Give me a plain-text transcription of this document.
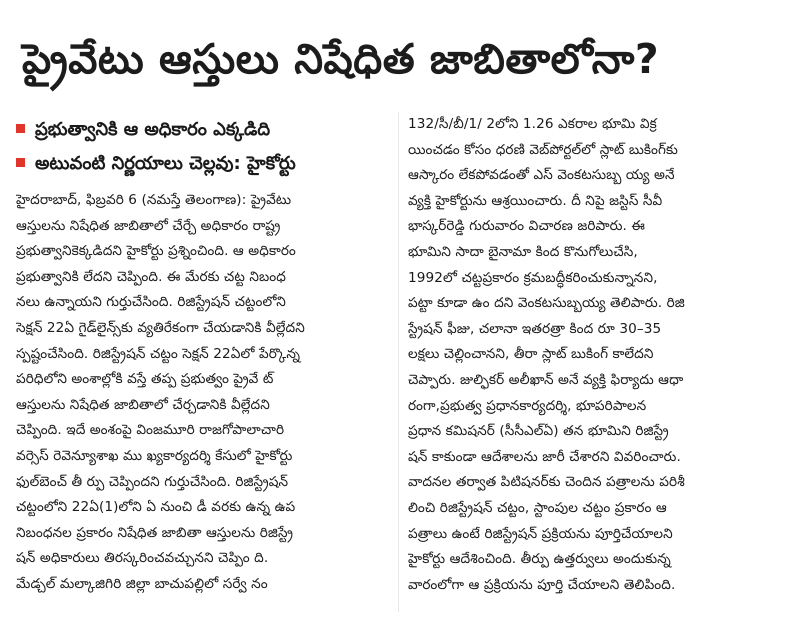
ప్రైవేటు ఆస్తులు నిషేధిత జాబితాలోనా?
ప్రభుత్వానికి ఆ అధికారం ఎక్కడిది
అటువంటి నిర్ణయాలు చెల్లవు: హైకోర్టు
హైదరాబాద్, ఫిబ్రవరి 6 (నమస్తే తెలంగాణ): ప్రైవేటు
ఆస్తులను నిషేధిత జాబితాలో చేర్చే అధికారం రాష్ట్ర
ప్రభుత్వానికెక్కడిదని హైకోర్టు ప్రశ్నించింది. ఆ అధికారం
ప్రభుత్వానికి లేదని చెప్పింది. ఈ మేరకు చట్ట నిబంధ
నలు ఉన్నాయని గుర్తుచేసింది. రిజిస్ట్రేషన్ చట్టంలోని
సెక్షన్ 22ఏ గైడ్‌లైన్స్‌కు వ్యతిరేకంగా చేయడానికి వీల్లేదని
స్పష్టంచేసింది. రిజిస్ట్రేషన్ చట్టం సెక్షన్ 22ఏలో పేర్కొన్న
పరిధిలోని అంశాల్లోకి వస్తే తప్ప ప్రభుత్వం ప్రైవే ట్
ఆస్తులను నిషేధిత జాబితాలో చేర్చడానికి వీల్లేదని
చెప్పింది. ఇదే అంశంపై వింజమూరి రాజగోపాలాచారి
వర్సెస్ రెవెన్యూశాఖ ము ఖ్యకార్యదర్శి కేసులో హైకోర్టు
ఫుల్‌బెంచ్ తీ ర్పు చెప్పిందని గుర్తుచేసింది. రిజిస్ట్రేషన్
చట్టంలోని 22ఏ(1)లోని ఏ నుంచి డీ వరకు ఉన్న ఉప
నిబంధనల ప్రకారం నిషేధిత జాబితా ఆస్తులను రిజిస్ట్రే
షన్ అధికారులు తిరస్కరించవచ్చునని చెప్పిం ది.
మేడ్చల్ మల్కాజిగిరి జిల్లా బాచుపల్లిలో సర్వే నం
132/సీ/బీ/1/ 2లోని 1.26 ఎకరాల భూమి విక్ర
యించడం కోసం ధరణి వెబ్‌పోర్టల్‌లో స్లాట్ బుకింగ్‌కు
ఆస్కారం లేకపోవడంతో ఎస్ వెంకటసుబ్బ య్య అనే
వ్యక్తి హైకోర్టును ఆశ్రయించారు. దీ నిపై జస్టిస్ సీవీ
భాస్కర్‌రెడ్డి గురువారం విచారణ జరిపారు. ఈ
భూమిని సాదా బైనామా కింద కొనుగోలుచేసి,
1992లో చట్టప్రకారం క్రమబద్ధీకరించుకున్నానని,
పట్టా కూడా ఉం దని వెంకటసుబ్బయ్య తెలిపారు. రిజి
స్ట్రేషన్ ఫీజు, చలానా ఇతరత్రా కింద రూ 30–35
లక్షలు చెల్లించానని, తీరా స్లాట్ బుకింగ్ కాలేదని
చెప్పారు. జుల్ఫికర్ అలీఖాన్ అనే వ్యక్తి ఫిర్యాదు ఆధా
రంగా,ప్రభుత్వ ప్రధానకార్యదర్శి, భూపరిపాలన
ప్రధాన కమిషనర్ (సీసీఎల్ఏ) తన భూమిని రిజిస్ట్రే
షన్ కాకుండా ఆదేశాలను జారీ చేశారని వివరించారు.
వాదనల తర్వాత పిటిషనర్‌కు చెందిన పత్రాలను పరిశీ
లించి రిజిస్ట్రేషన్ చట్టం, స్టాంపుల చట్టం ప్రకారం ఆ
పత్రాలు ఉంటే రిజిస్ట్రేషన్ ప్రక్రియను పూర్తిచేయాలని
హైకోర్టు ఆదేశించింది. తీర్పు ఉత్తర్వులు అందుకున్న
వారంలోగా ఆ ప్రక్రియను పూర్తి చేయాలని తెలిపింది.
